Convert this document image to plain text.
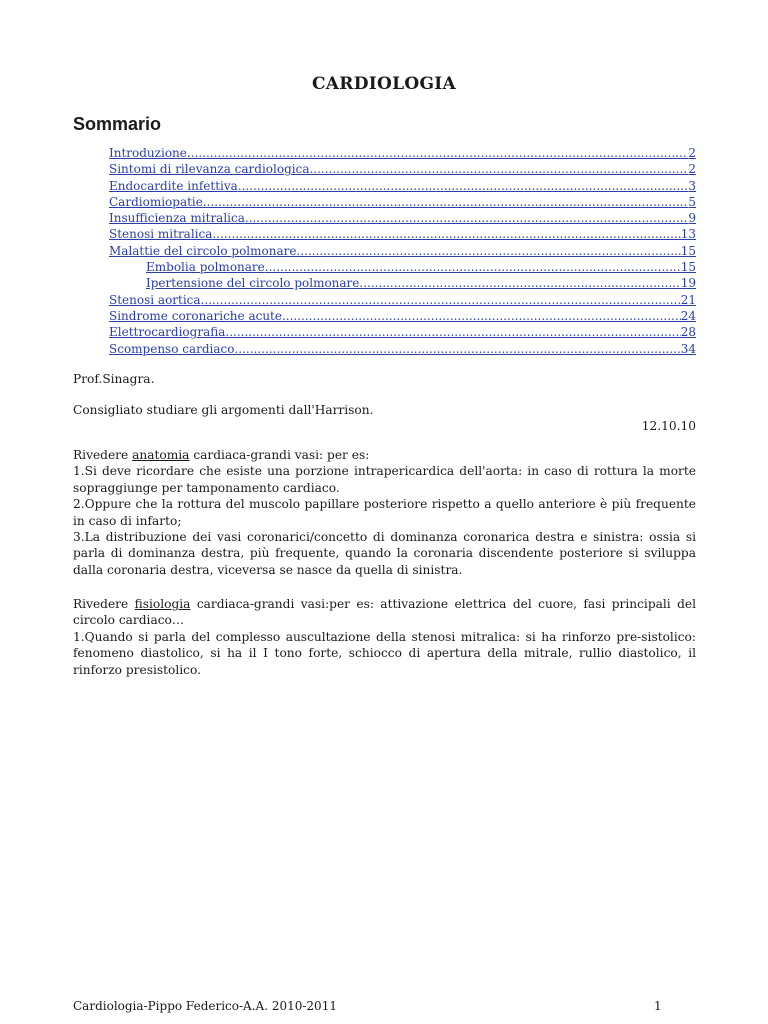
CARDIOLOGIA
Sommario
Introduzione .....	2
Sintomi di rilevanza cardiologica .....	2
Endocardite infettiva .....	3
Cardiomiopatie .....	5
Insufficienza mitralica .....	9
Stenosi mitralica .....	13
Malattie del circolo polmonare .....	15
Embolia polmonare .....	15
Ipertensione del circolo polmonare .....	19
Stenosi aortica .....	21
Sindrome coronariche acute .....	24
Elettrocardiografia .....	28
Scompenso cardiaco .....	34
Prof.Sinagra.
Consigliato studiare gli argomenti dall'Harrison.
12.10.10
Rivedere anatomia cardiaca-grandi vasi: per es:
1.Si deve ricordare che esiste una porzione intrapericardica dell'aorta: in caso di rottura la morte sopraggiunge per tamponamento cardiaco.
2.Oppure che la rottura del muscolo papillare posteriore rispetto a quello anteriore è più frequente in caso di infarto;
3.La distribuzione dei vasi coronarici/concetto di dominanza coronarica destra e sinistra: ossia si parla di dominanza destra, più frequente, quando la coronaria discendente posteriore si sviluppa dalla coronaria destra, viceversa se nasce da quella di sinistra.
Rivedere fisiologia cardiaca-grandi vasi:per es: attivazione elettrica del cuore, fasi principali del circolo cardiaco…
1.Quando si parla del complesso auscultazione della stenosi mitralica: si ha rinforzo pre-sistolico: fenomeno diastolico, si ha il I tono forte, schiocco di apertura della mitrale, rullio diastolico, il rinforzo presistolico.
Cardiologia-Pippo Federico-A.A. 2010-2011	1
